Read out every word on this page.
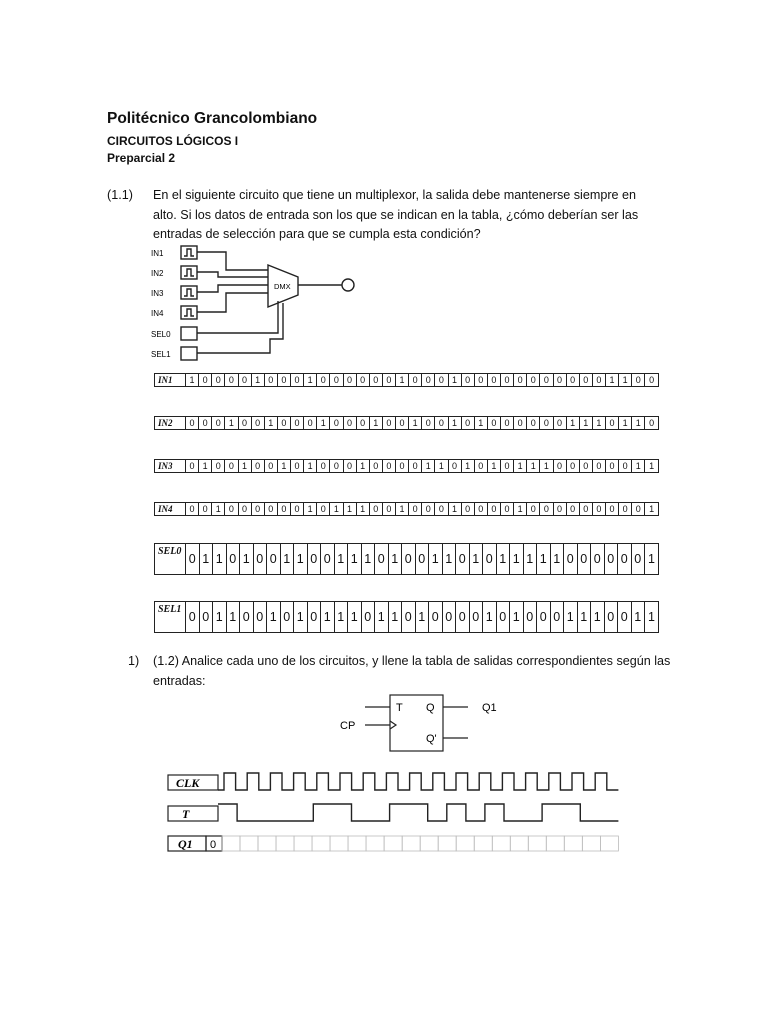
Politécnico Grancolombiano
CIRCUITOS LÓGICOS I
Preparcial 2
(1.1) En el siguiente circuito que tiene un multiplexor, la salida debe mantenerse siempre en
alto. Si los datos de entrada son los que se indican en la tabla, ¿cómo deberían ser las
entradas de selección para que se cumpla esta condición?
IN1
IN2
IN3
IN4
SEL0
SEL1
DMX
IN1	1	0	0	0	0	1	0	0	0	1	0	0	0	0	0	0	1	0	0	0	1	0	0	0	0	0	0	0	0	0	0	0	1	1	0	0
IN2	0	0	0	1	0	0	1	0	0	0	1	0	0	0	1	0	0	1	0	0	1	0	1	0	0	0	0	0	0	1	1	1	0	1	1	0
IN3	0	1	0	0	1	0	0	1	0	1	0	0	0	1	0	0	0	0	1	1	0	1	0	1	0	1	1	1	0	0	0	0	0	0	1	1
IN4	0	0	1	0	0	0	0	0	0	1	0	1	1	1	0	0	1	0	0	0	1	0	0	0	0	1	0	0	0	0	0	0	0	0	0	1
SEL0	0	1	1	0	1	0	0	1	1	0	0	1	1	1	0	1	0	0	1	1	0	1	0	1	1	1	1	1	0	0	0	0	0	0	1
SEL1	0	0	1	1	0	0	1	0	1	0	1	1	1	0	1	1	0	1	0	0	0	0	1	0	1	0	0	0	1	1	1	0	0	1	1
1) (1.2) Analice cada uno de los circuitos, y llene la tabla de salidas correspondientes según las
entradas:
T
CP
Q
Q'
Q1
CLK
T
Q1 0
